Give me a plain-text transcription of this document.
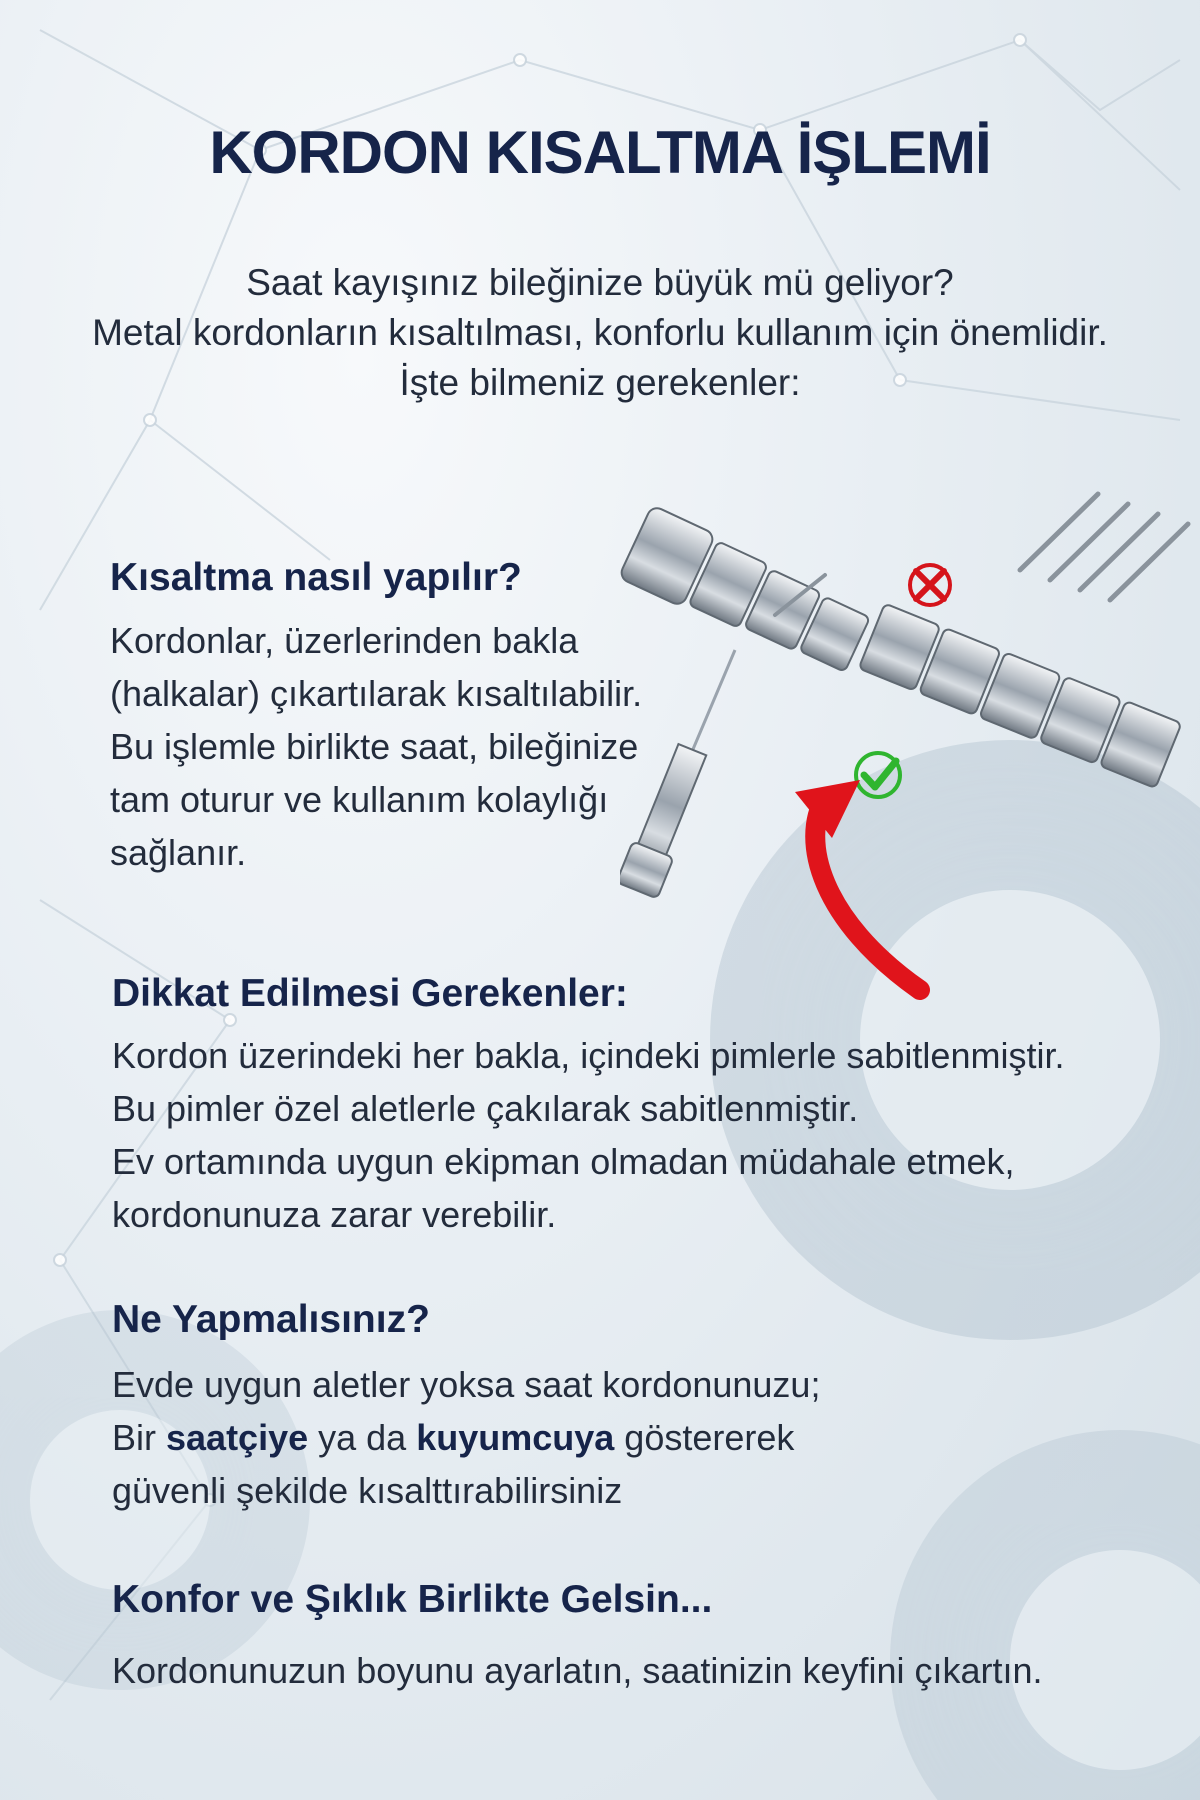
KORDON KISALTMA İŞLEMİ
Saat kayışınız bileğinize büyük mü geliyor?
Metal kordonların kısaltılması, konforlu kullanım için önemlidir.
İşte bilmeniz gerekenler:
Kısaltma nasıl yapılır?
Kordonlar, üzerlerinden bakla
(halkalar) çıkartılarak kısaltılabilir.
Bu işlemle birlikte saat, bileğinize
tam oturur ve kullanım kolaylığı
sağlanır.
Dikkat Edilmesi Gerekenler:
Kordon üzerindeki her bakla, içindeki pimlerle sabitlenmiştir.
Bu pimler özel aletlerle çakılarak sabitlenmiştir.
Ev ortamında uygun ekipman olmadan müdahale etmek,
kordonunuza zarar verebilir.
Ne Yapmalısınız?
Evde uygun aletler yoksa saat kordonunuzu;
Bir saatçiye ya da kuyumcuya göstererek
güvenli şekilde kısalttırabilirsiniz
Konfor ve Şıklık Birlikte Gelsin...
Kordonunuzun boyunu ayarlatın, saatinizin keyfini çıkartın.
